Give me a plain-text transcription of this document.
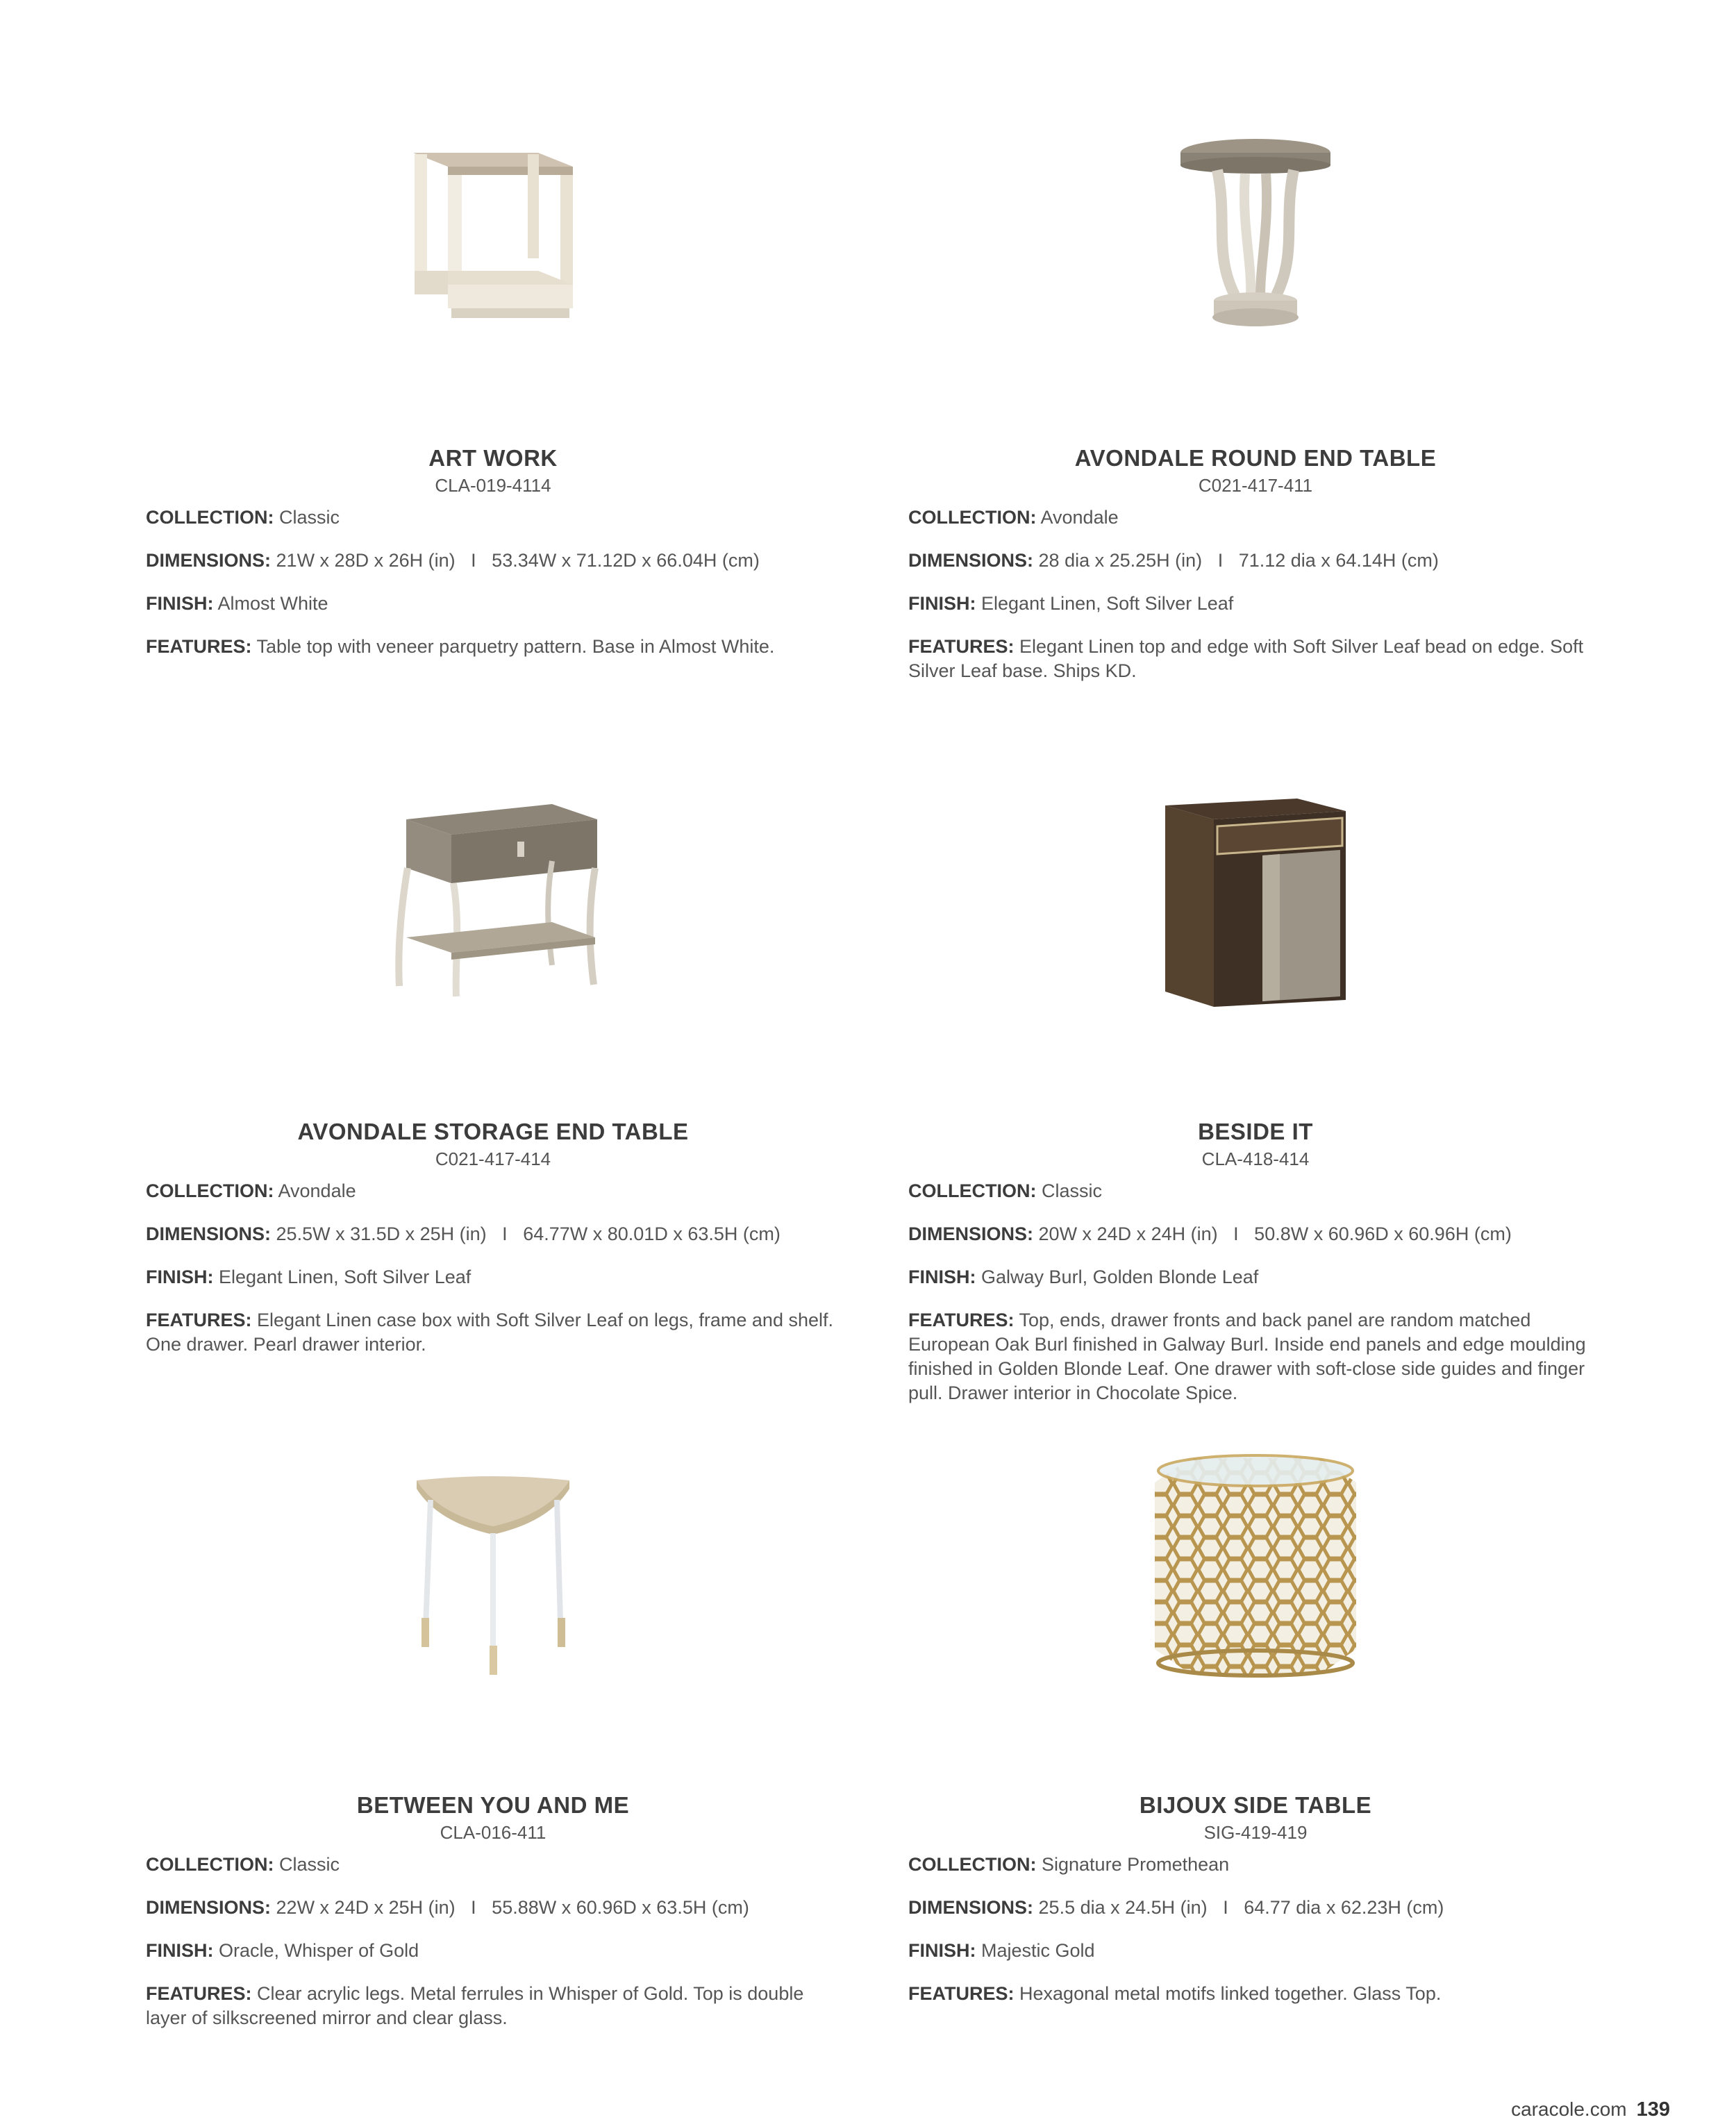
ART WORK
CLA-019-4114

COLLECTION: Classic

DIMENSIONS: 21W x 28D x 26H (in) I 53.34W x 71.12D x 66.04H (cm)

FINISH: Almost White

FEATURES: Table top with veneer parquetry pattern. Base in Almost White.

AVONDALE ROUND END TABLE
C021-417-411

COLLECTION: Avondale

DIMENSIONS: 28 dia x 25.25H (in) I 71.12 dia x 64.14H (cm)

FINISH: Elegant Linen, Soft Silver Leaf

FEATURES: Elegant Linen top and edge with Soft Silver Leaf bead on edge. Soft Silver Leaf base. Ships KD.

AVONDALE STORAGE END TABLE
C021-417-414

COLLECTION: Avondale

DIMENSIONS: 25.5W x 31.5D x 25H (in) I 64.77W x 80.01D x 63.5H (cm)

FINISH: Elegant Linen, Soft Silver Leaf

FEATURES: Elegant Linen case box with Soft Silver Leaf on legs, frame and shelf. One drawer. Pearl drawer interior.

BESIDE IT
CLA-418-414

COLLECTION: Classic

DIMENSIONS: 20W x 24D x 24H (in) I 50.8W x 60.96D x 60.96H (cm)

FINISH: Galway Burl, Golden Blonde Leaf

FEATURES: Top, ends, drawer fronts and back panel are random matched European Oak Burl finished in Galway Burl. Inside end panels and edge moulding finished in Golden Blonde Leaf. One drawer with soft-close side guides and finger pull. Drawer interior in Chocolate Spice.

BETWEEN YOU AND ME
CLA-016-411

COLLECTION: Classic

DIMENSIONS: 22W x 24D x 25H (in) I 55.88W x 60.96D x 63.5H (cm)

FINISH: Oracle, Whisper of Gold

FEATURES: Clear acrylic legs. Metal ferrules in Whisper of Gold. Top is double layer of silkscreened mirror and clear glass.

BIJOUX SIDE TABLE
SIG-419-419

COLLECTION: Signature Promethean

DIMENSIONS: 25.5 dia x 24.5H (in) I 64.77 dia x 62.23H (cm)

FINISH: Majestic Gold

FEATURES: Hexagonal metal motifs linked together. Glass Top.

caracole.com 139
